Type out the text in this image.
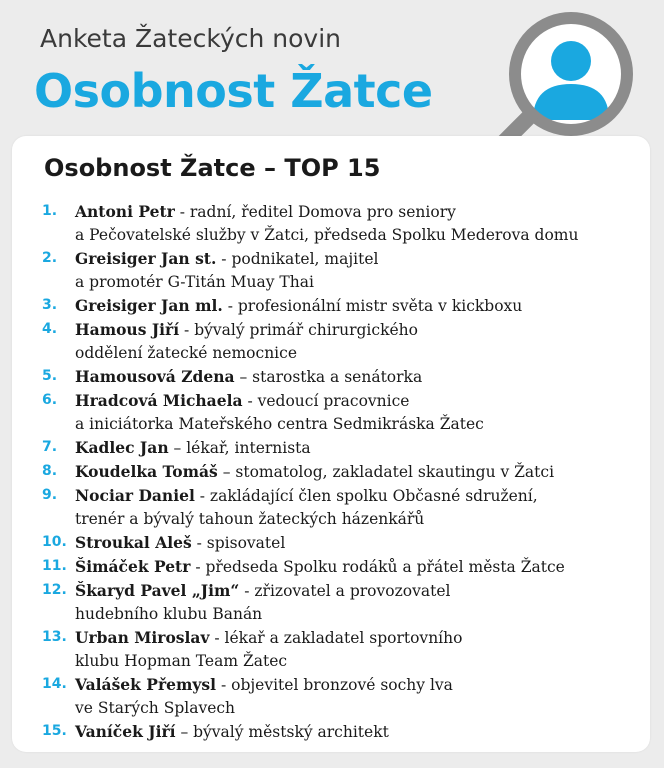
Anketa Žateckých novin
Osobnost Žatce
Osobnost Žatce – TOP 15
1.	Antoni Petr - radní, ředitel Domova pro seniory
a Pečovatelské služby v Žatci, předseda Spolku Mederova domu
2.	Greisiger Jan st. - podnikatel, majitel
a promotér G-Titán Muay Thai
3.	Greisiger Jan ml. - profesionální mistr světa v kickboxu
4.	Hamous Jiří - bývalý primář chirurgického
oddělení žatecké nemocnice
5.	Hamousová Zdena – starostka a senátorka
6.	Hradcová Michaela - vedoucí pracovnice
a iniciátorka Mateřského centra Sedmikráska Žatec
7.	Kadlec Jan – lékař, internista
8.	Koudelka Tomáš – stomatolog, zakladatel skautingu v Žatci
9.	Nociar Daniel - zakládající člen spolku Občasné sdružení,
trenér a bývalý tahoun žateckých házenkářů
10. Stroukal Aleš - spisovatel
11. Šimáček Petr - předseda Spolku rodáků a přátel města Žatce
12. Škaryd Pavel „Jim“ - zřizovatel a provozovatel
hudebního klubu Banán
13. Urban Miroslav - lékař a zakladatel sportovního
klubu Hopman Team Žatec
14. Valášek Přemysl - objevitel bronzové sochy lva
ve Starých Splavech
15. Vaníček Jiří – bývalý městský architekt
